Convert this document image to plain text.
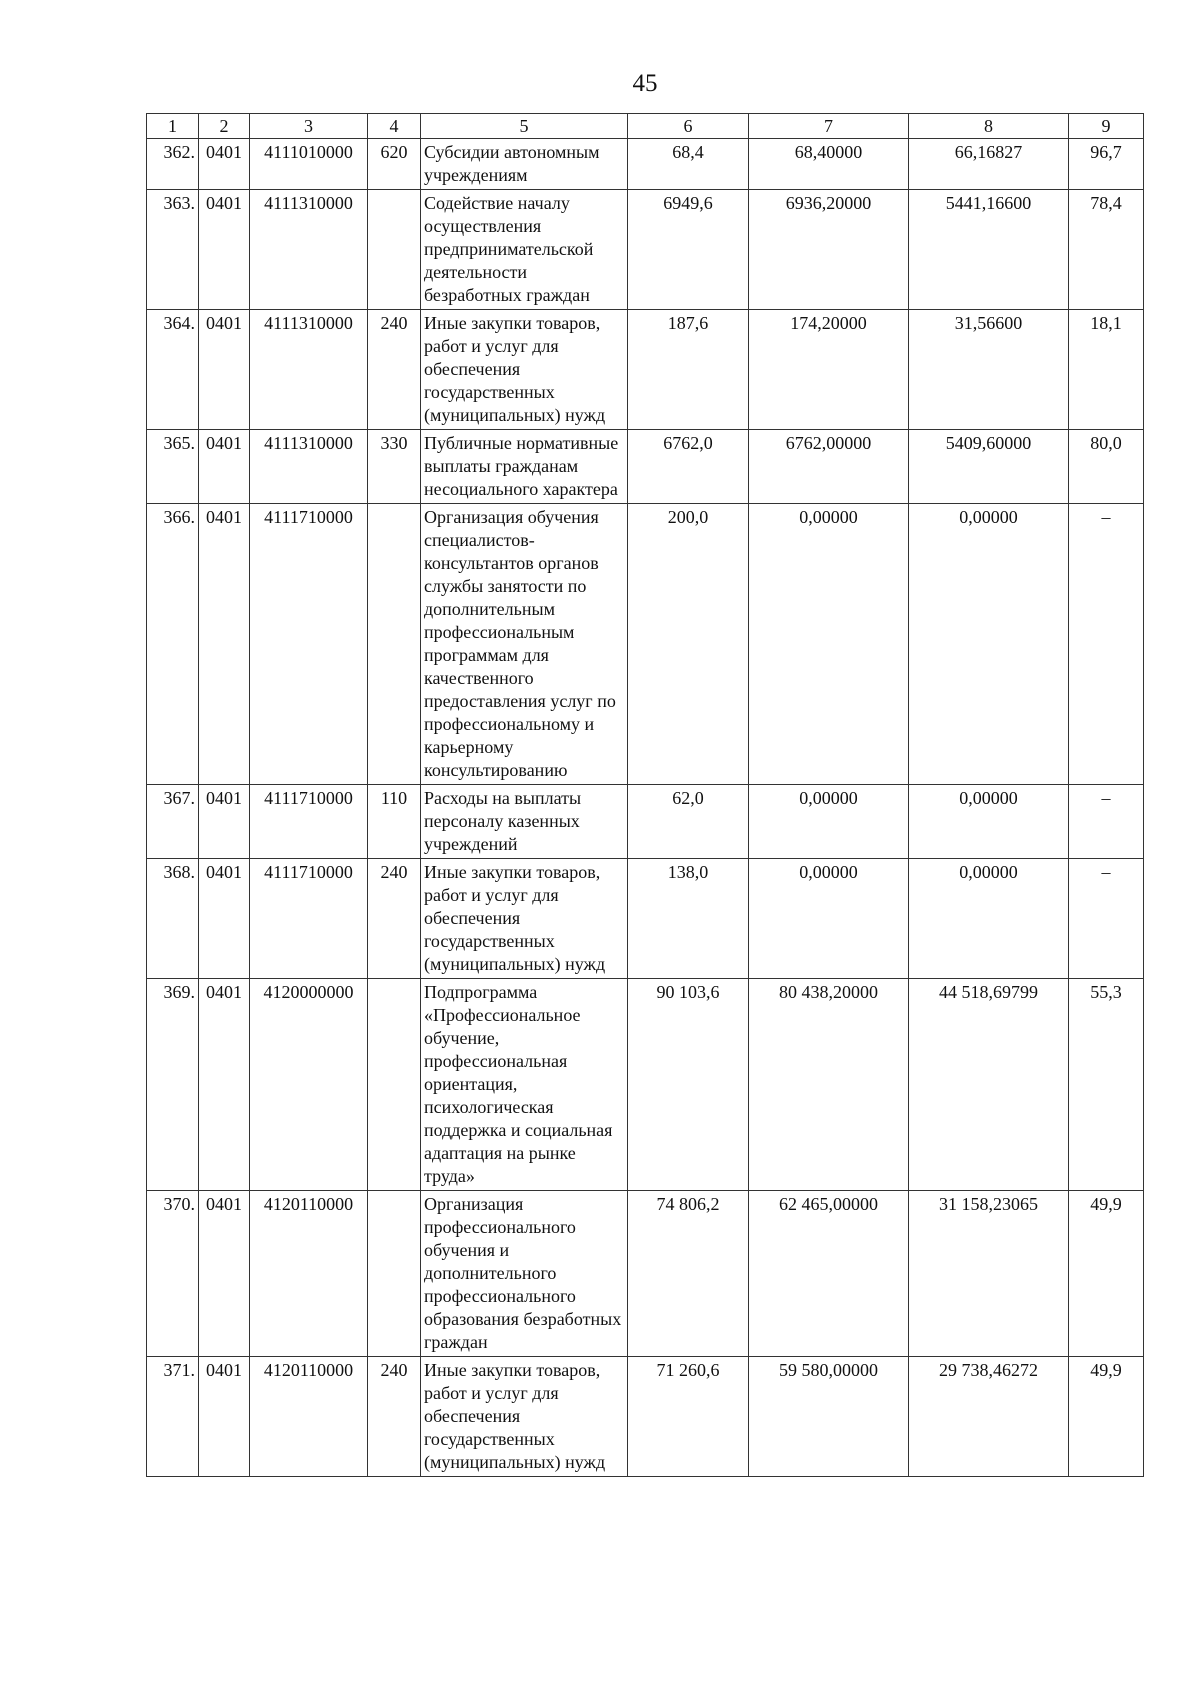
45
1	2	3	4	5	6	7	8	9
362.	0401	4111010000	620	Субсидии автономным учреждениям	68,4	68,40000	66,16827	96,7
363.	0401	4111310000		Содействие началу осуществления предпринимательской деятельности безработных граждан	6949,6	6936,20000	5441,16600	78,4
364.	0401	4111310000	240	Иные закупки товаров, работ и услуг для обеспечения государственных (муниципальных) нужд	187,6	174,20000	31,56600	18,1
365.	0401	4111310000	330	Публичные нормативные выплаты гражданам несоциального характера	6762,0	6762,00000	5409,60000	80,0
366.	0401	4111710000		Организация обучения специалистов-консультантов органов службы занятости по дополнительным профессиональным программам для качественного предоставления услуг по профессиональному и карьерному консультированию	200,0	0,00000	0,00000	–
367.	0401	4111710000	110	Расходы на выплаты персоналу казенных учреждений	62,0	0,00000	0,00000	–
368.	0401	4111710000	240	Иные закупки товаров, работ и услуг для обеспечения государственных (муниципальных) нужд	138,0	0,00000	0,00000	–
369.	0401	4120000000		Подпрограмма «Профессиональное обучение, профессиональная ориентация, психологическая поддержка и социальная адаптация на рынке труда»	90 103,6	80 438,20000	44 518,69799	55,3
370.	0401	4120110000		Организация профессионального обучения и дополнительного профессионального образования безработных граждан	74 806,2	62 465,00000	31 158,23065	49,9
371.	0401	4120110000	240	Иные закупки товаров, работ и услуг для обеспечения государственных (муниципальных) нужд	71 260,6	59 580,00000	29 738,46272	49,9
